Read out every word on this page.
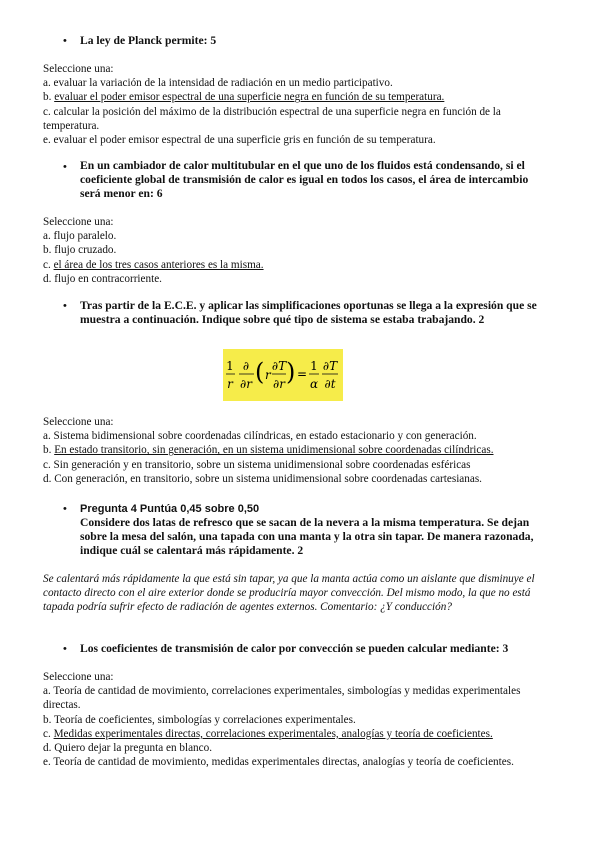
• La ley de Planck permite: 5
Seleccione una:
a. evaluar la variación de la intensidad de radiación en un medio participativo.
b. evaluar el poder emisor espectral de una superficie negra en función de su temperatura.
c. calcular la posición del máximo de la distribución espectral de una superficie negra en función de la temperatura.
e. evaluar el poder emisor espectral de una superficie gris en función de su temperatura.
• En un cambiador de calor multitubular en el que uno de los fluidos está condensando, si el coeficiente global de transmisión de calor es igual en todos los casos, el área de intercambio será menor en: 6
Seleccione una:
a. flujo paralelo.
b. flujo cruzado.
c. el área de los tres casos anteriores es la misma.
d. flujo en contracorriente.
• Tras partir de la E.C.E. y aplicar las simplificaciones oportunas se llega a la expresión que se muestra a continuación. Indique sobre qué tipo de sistema se estaba trabajando. 2
1
r
∂
∂r ( r
∂T
∂r ) =
1
α
∂T
∂t
Seleccione una:
a. Sistema bidimensional sobre coordenadas cilíndricas, en estado estacionario y con generación.
b. En estado transitorio, sin generación, en un sistema unidimensional sobre coordenadas cilíndricas.
c. Sin generación y en transitorio, sobre un sistema unidimensional sobre coordenadas esféricas
d. Con generación, en transitorio, sobre un sistema unidimensional sobre coordenadas cartesianas.
• Pregunta 4 Puntúa 0,45 sobre 0,50
Considere dos latas de refresco que se sacan de la nevera a la misma temperatura. Se dejan sobre la mesa del salón, una tapada con una manta y la otra sin tapar. De manera razonada, indique cuál se calentará más rápidamente. 2
Se calentará más rápidamente la que está sin tapar, ya que la manta actúa como un aislante que disminuye el contacto directo con el aire exterior donde se produciría mayor convección. Del mismo modo, la que no está tapada podría sufrir efecto de radiación de agentes externos. Comentario: ¿Y conducción?
• Los coeficientes de transmisión de calor por convección se pueden calcular mediante: 3
Seleccione una:
a. Teoría de cantidad de movimiento, correlaciones experimentales, simbologías y medidas experimentales directas.
b. Teoría de coeficientes, simbologías y correlaciones experimentales.
c. Medidas experimentales directas, correlaciones experimentales, analogías y teoría de coeficientes.
d. Quiero dejar la pregunta en blanco.
e. Teoría de cantidad de movimiento, medidas experimentales directas, analogías y teoría de coeficientes.
